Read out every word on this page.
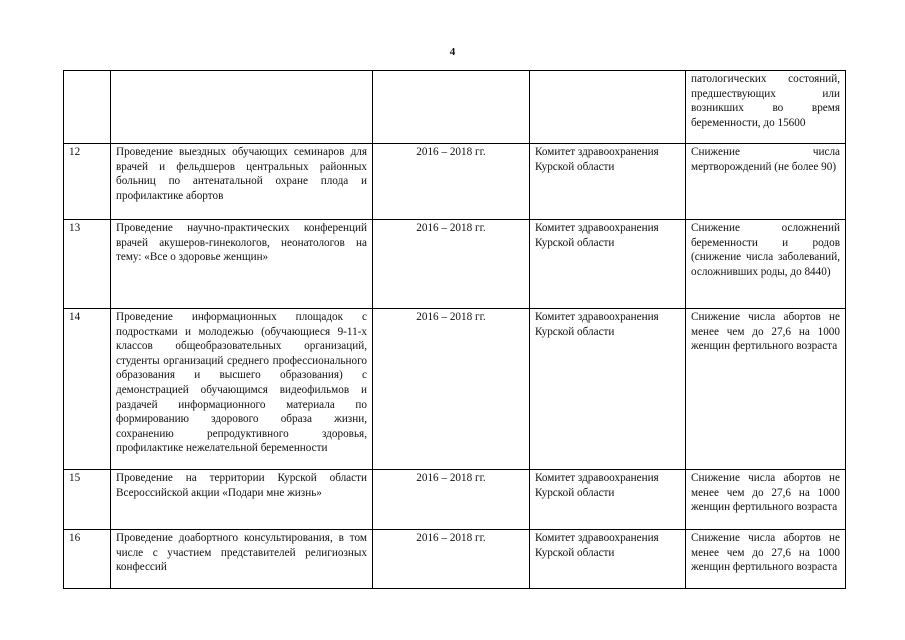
4
				патологических состояний, предшествующих или возникших во время беременности, до 15600
12	Проведение выездных обучающих семинаров для врачей и фельдшеров центральных районных больниц по антенатальной охране плода и профилактике абортов	2016 – 2018 гг.	Комитет здравоохранения Курской области	Снижение числа мертворождений (не более 90)
13	Проведение научно-практических конференций врачей акушеров-гинекологов, неонатологов на тему: «Все о здоровье женщин»	2016 – 2018 гг.	Комитет здравоохранения Курской области	Снижение осложнений беременности и родов (снижение числа заболеваний, осложнивших роды, до 8440)
14	Проведение информационных площадок с подростками и молодежью (обучающиеся 9-11-х классов общеобразовательных организаций, студенты организаций среднего профессионального образования и высшего образования) с демонстрацией обучающимся видеофильмов и раздачей информационного материала по формированию здорового образа жизни, сохранению репродуктивного здоровья, профилактике нежелательной беременности	2016 – 2018 гг.	Комитет здравоохранения Курской области	Снижение числа абортов не менее чем до 27,6 на 1000 женщин фертильного возраста
15	Проведение на территории Курской области Всероссийской акции «Подари мне жизнь»	2016 – 2018 гг.	Комитет здравоохранения Курской области	Снижение числа абортов не менее чем до 27,6 на 1000 женщин фертильного возраста
16	Проведение доабортного консультирования, в том числе с участием представителей религиозных конфессий	2016 – 2018 гг.	Комитет здравоохранения Курской области	Снижение числа абортов не менее чем до 27,6 на 1000 женщин фертильного возраста
